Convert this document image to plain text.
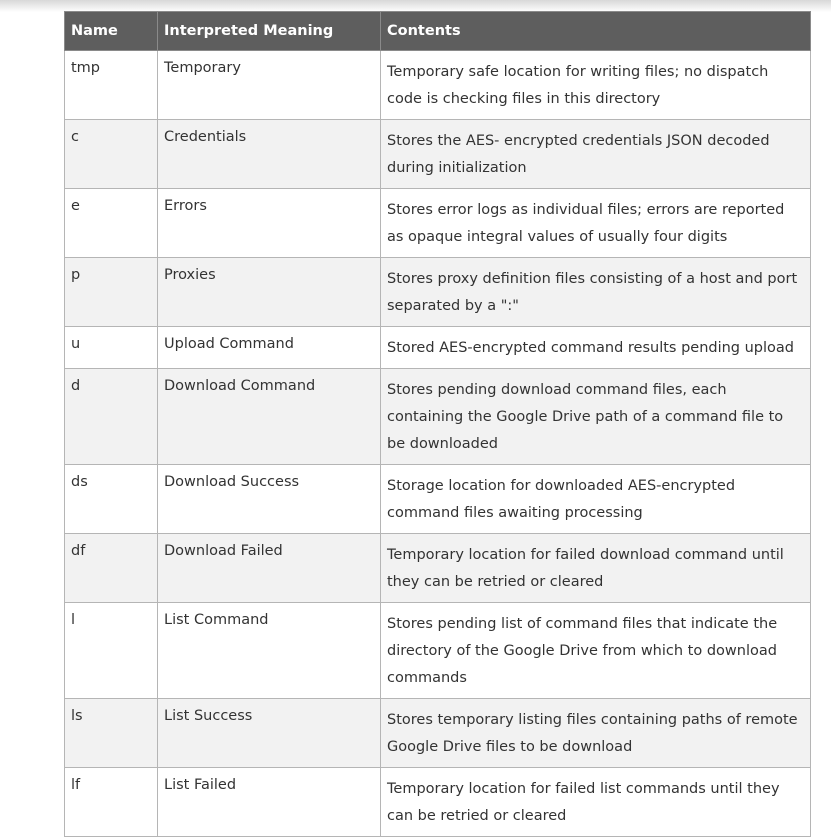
Name	Interpreted Meaning	Contents
tmp	Temporary	Temporary safe location for writing files; no dispatch code is checking files in this directory
c	Credentials	Stores the AES- encrypted credentials JSON decoded during initialization
e	Errors	Stores error logs as individual files; errors are reported as opaque integral values of usually four digits
p	Proxies	Stores proxy definition files consisting of a host and port separated by a ":"
u	Upload Command	Stored AES-encrypted command results pending upload
d	Download Command	Stores pending download command files, each containing the Google Drive path of a command file to be downloaded
ds	Download Success	Storage location for downloaded AES-encrypted command files awaiting processing
df	Download Failed	Temporary location for failed download command until they can be retried or cleared
l	List Command	Stores pending list of command files that indicate the directory of the Google Drive from which to download commands
ls	List Success	Stores temporary listing files containing paths of remote Google Drive files to be download
lf	List Failed	Temporary location for failed list commands until they can be retried or cleared
